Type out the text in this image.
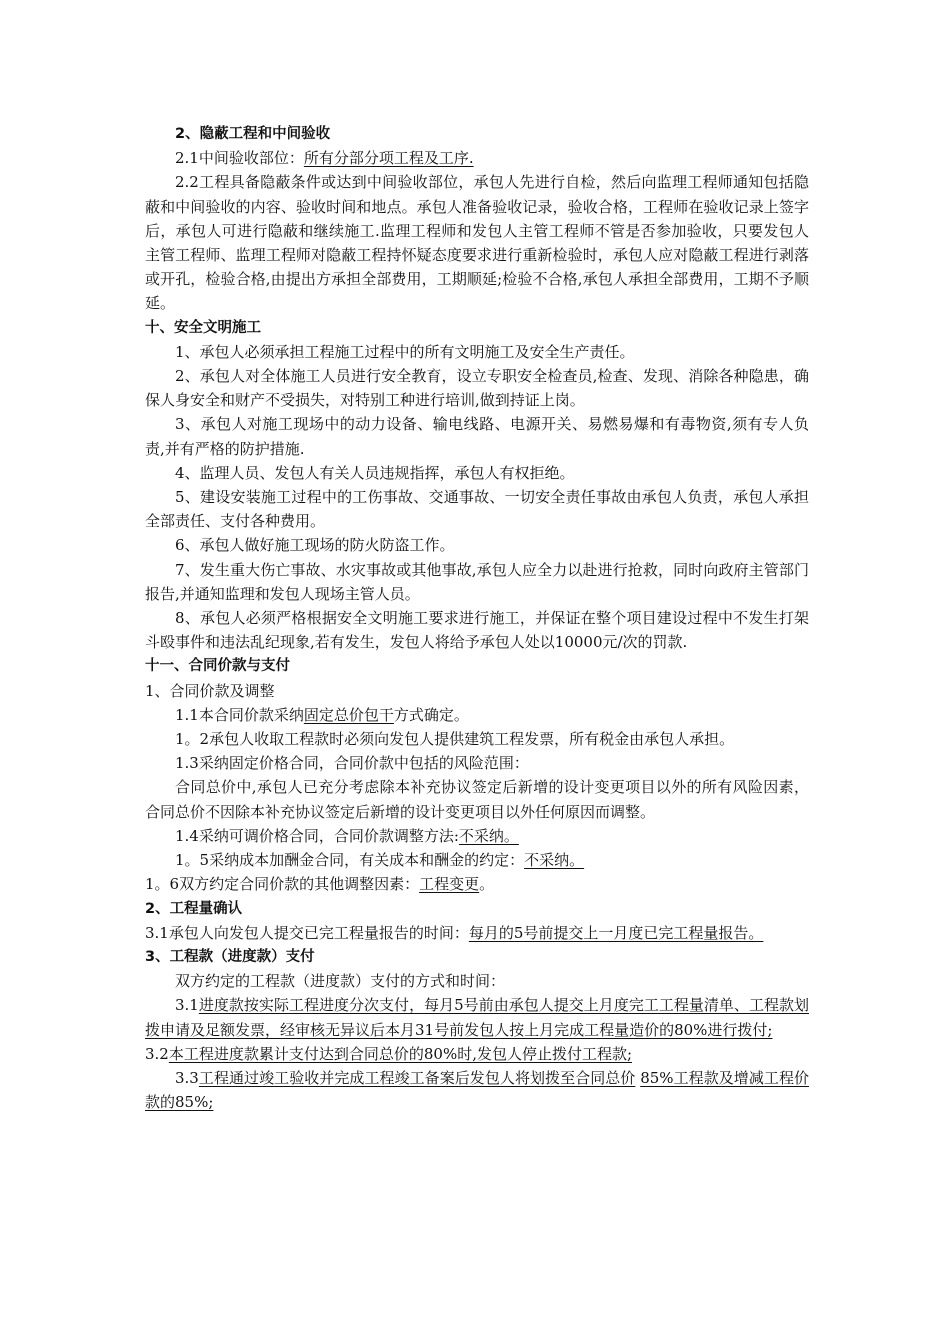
2、隐蔽工程和中间验收

2.1中间验收部位：所有分部分项工程及工序.

2.2工程具备隐蔽条件或达到中间验收部位，承包人先进行自检，然后向监理工程师通知包括隐蔽和中间验收的内容、验收时间和地点。承包人准备验收记录，验收合格，工程师在验收记录上签字后，承包人可进行隐蔽和继续施工.监理工程师和发包人主管工程师不管是否参加验收，只要发包人主管工程师、监理工程师对隐蔽工程持怀疑态度要求进行重新检验时，承包人应对隐蔽工程进行剥落或开孔，检验合格,由提出方承担全部费用，工期顺延;检验不合格,承包人承担全部费用，工期不予顺延。

十、安全文明施工

1、承包人必须承担工程施工过程中的所有文明施工及安全生产责任。

2、承包人对全体施工人员进行安全教育，设立专职安全检查员,检查、发现、消除各种隐患，确保人身安全和财产不受损失，对特别工种进行培训,做到持证上岗。

3、承包人对施工现场中的动力设备、输电线路、电源开关、易燃易爆和有毒物资,须有专人负责,并有严格的防护措施.

4、监理人员、发包人有关人员违规指挥，承包人有权拒绝。

5、建设安装施工过程中的工伤事故、交通事故、一切安全责任事故由承包人负责，承包人承担全部责任、支付各种费用。

6、承包人做好施工现场的防火防盗工作。

7、发生重大伤亡事故、水灾事故或其他事故,承包人应全力以赴进行抢救，同时向政府主管部门报告,并通知监理和发包人现场主管人员。

8、承包人必须严格根据安全文明施工要求进行施工，并保证在整个项目建设过程中不发生打架斗殴事件和违法乱纪现象,若有发生，发包人将给予承包人处以10000元/次的罚款.

十一、合同价款与支付

1、合同价款及调整

1.1本合同价款采纳固定总价包干方式确定。

1。2承包人收取工程款时必须向发包人提供建筑工程发票，所有税金由承包人承担。

1.3采纳固定价格合同，合同价款中包括的风险范围：

合同总价中,承包人已充分考虑除本补充协议签定后新增的设计变更项目以外的所有风险因素，合同总价不因除本补充协议签定后新增的设计变更项目以外任何原因而调整。

1.4采纳可调价格合同，合同价款调整方法:不采纳。

1。5采纳成本加酬金合同，有关成本和酬金的约定：不采纳。

1。6双方约定合同价款的其他调整因素：工程变更。

2、工程量确认

3.1承包人向发包人提交已完工程量报告的时间：每月的5号前提交上一月度已完工程量报告。

3、工程款（进度款）支付

双方约定的工程款（进度款）支付的方式和时间：

3.1进度款按实际工程进度分次支付，每月5号前由承包人提交上月度完工工程量清单、工程款划拨申请及足额发票，经审核无异议后本月31号前发包人按上月完成工程量造价的80%进行拨付;

3.2本工程进度款累计支付达到合同总价的80%时,发包人停止拨付工程款;

3.3工程通过竣工验收并完成工程竣工备案后发包人将划拨至合同总价 85%工程款及增减工程价款的85%;
